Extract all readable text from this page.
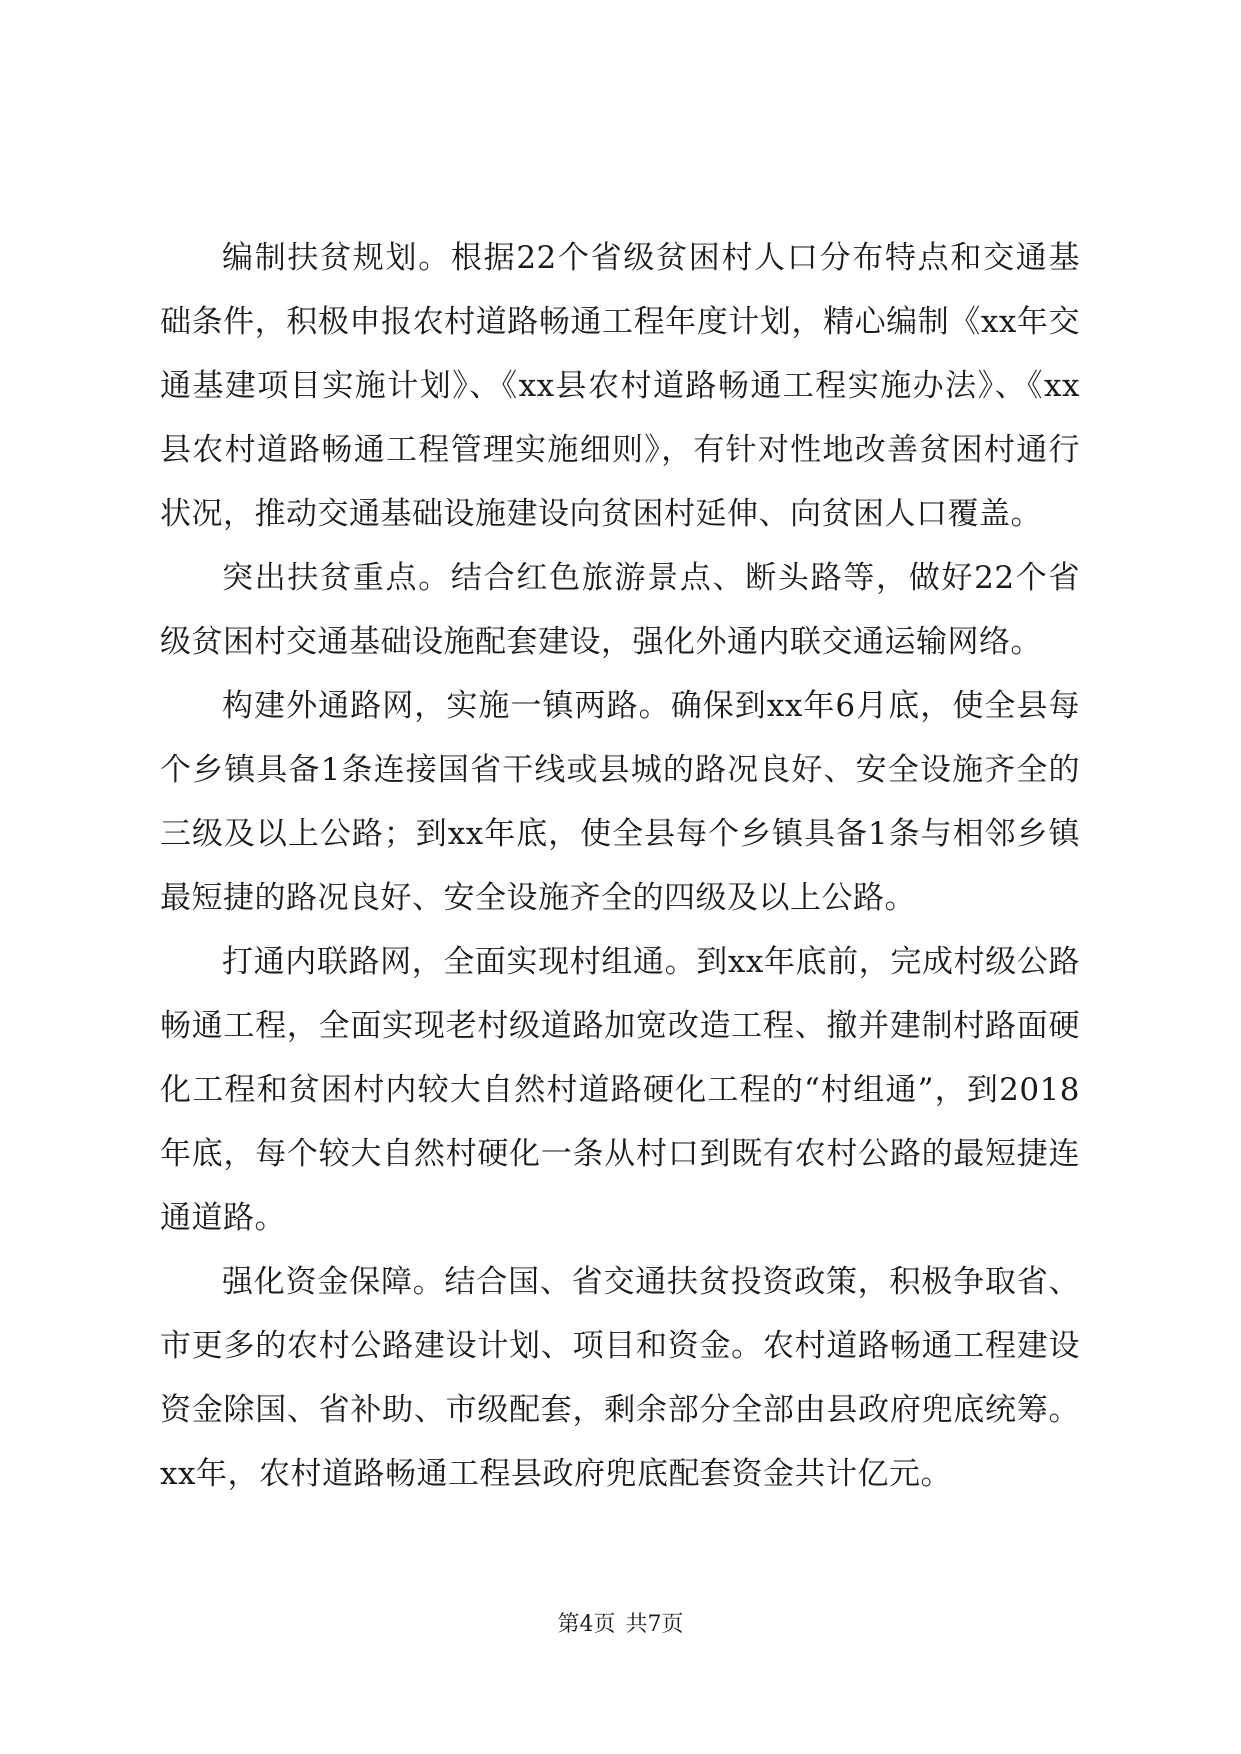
编制扶贫规划。根据22个省级贫困村人口分布特点和交通基础条件，积极申报农村道路畅通工程年度计划，精心编制《xx年交通基建项目实施计划》、《xx县农村道路畅通工程实施办法》、《xx县农村道路畅通工程管理实施细则》，有针对性地改善贫困村通行状况，推动交通基础设施建设向贫困村延伸、向贫困人口覆盖。

突出扶贫重点。结合红色旅游景点、断头路等，做好22个省级贫困村交通基础设施配套建设，强化外通内联交通运输网络。

构建外通路网，实施一镇两路。确保到xx年6月底，使全县每个乡镇具备1条连接国省干线或县城的路况良好、安全设施齐全的三级及以上公路；到xx年底，使全县每个乡镇具备1条与相邻乡镇最短捷的路况良好、安全设施齐全的四级及以上公路。

打通内联路网，全面实现村组通。到xx年底前，完成村级公路畅通工程，全面实现老村级道路加宽改造工程、撤并建制村路面硬化工程和贫困村内较大自然村道路硬化工程的“村组通”，到2018年底，每个较大自然村硬化一条从村口到既有农村公路的最短捷连通道路。

强化资金保障。结合国、省交通扶贫投资政策，积极争取省、市更多的农村公路建设计划、项目和资金。农村道路畅通工程建设资金除国、省补助、市级配套，剩余部分全部由县政府兜底统筹。xx年，农村道路畅通工程县政府兜底配套资金共计亿元。

第4页 共7页
